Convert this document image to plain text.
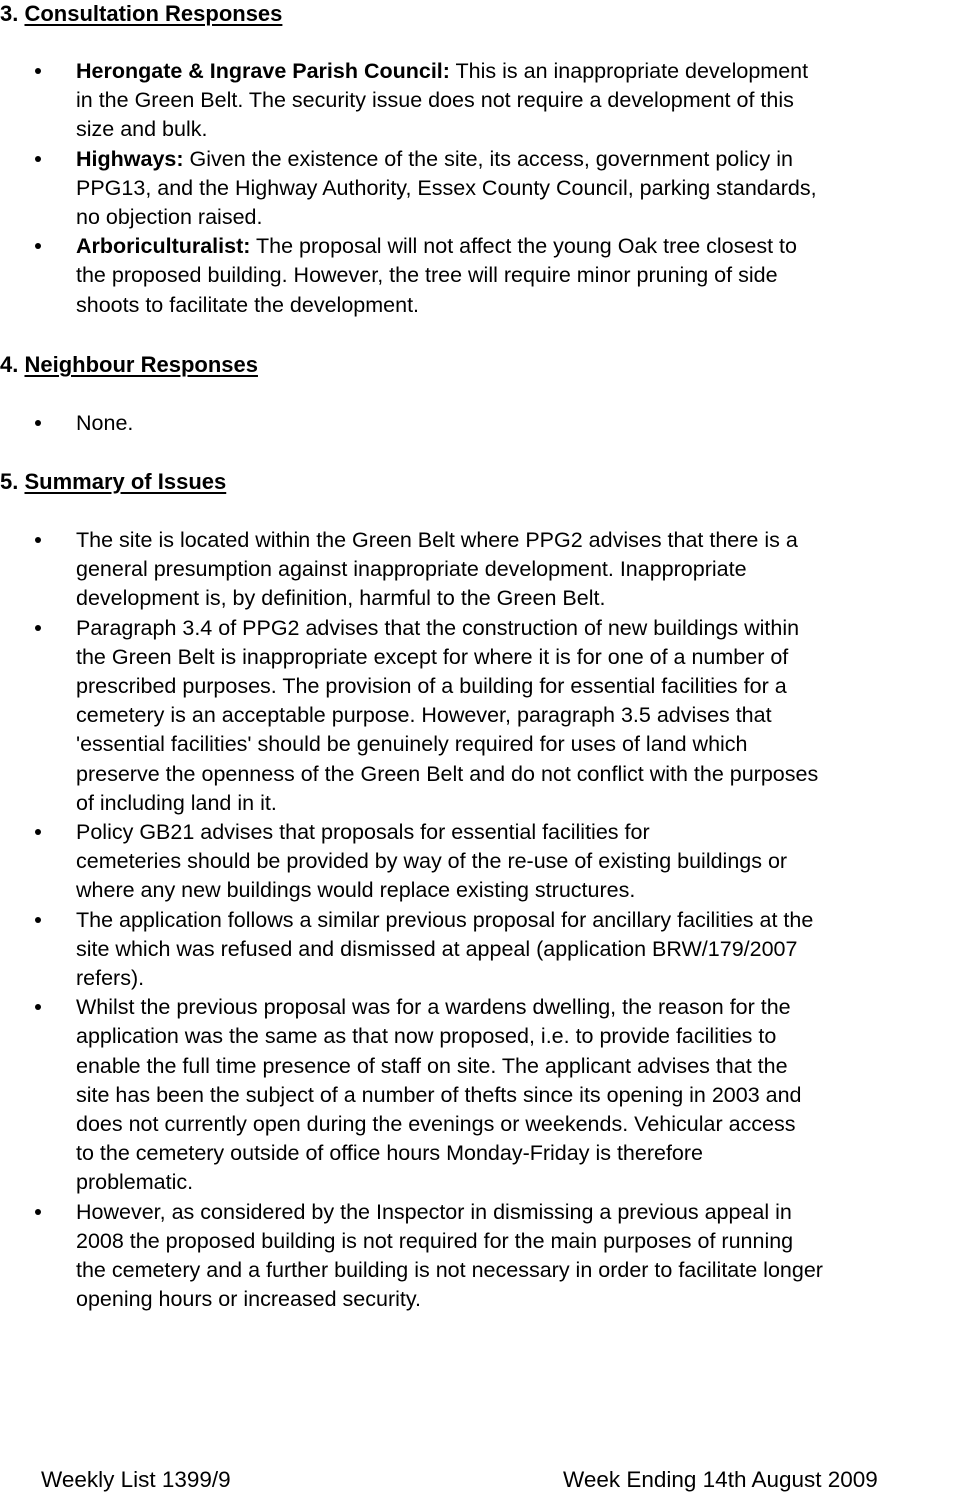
3. Consultation Responses
Herongate & Ingrave Parish Council: This is an inappropriate development
in the Green Belt. The security issue does not require a development of this
size and bulk.
Highways: Given the existence of the site, its access, government policy in
PPG13, and the Highway Authority, Essex County Council, parking standards,
no objection raised.
Arboriculturalist: The proposal will not affect the young Oak tree closest to
the proposed building. However, the tree will require minor pruning of side
shoots to facilitate the development.
4. Neighbour Responses
None.
5. Summary of Issues
The site is located within the Green Belt where PPG2 advises that there is a
general presumption against inappropriate development. Inappropriate
development is, by definition, harmful to the Green Belt.
Paragraph 3.4 of PPG2 advises that the construction of new buildings within
the Green Belt is inappropriate except for where it is for one of a number of
prescribed purposes. The provision of a building for essential facilities for a
cemetery is an acceptable purpose. However, paragraph 3.5 advises that
'essential facilities' should be genuinely required for uses of land which
preserve the openness of the Green Belt and do not conflict with the purposes
of including land in it.
Policy GB21 advises that proposals for essential facilities for
cemeteries should be provided by way of the re-use of existing buildings or
where any new buildings would replace existing structures.
The application follows a similar previous proposal for ancillary facilities at the
site which was refused and dismissed at appeal (application BRW/179/2007
refers).
Whilst the previous proposal was for a wardens dwelling, the reason for the
application was the same as that now proposed, i.e. to provide facilities to
enable the full time presence of staff on site. The applicant advises that the
site has been the subject of a number of thefts since its opening in 2003 and
does not currently open during the evenings or weekends. Vehicular access
to the cemetery outside of office hours Monday-Friday is therefore
problematic.
However, as considered by the Inspector in dismissing a previous appeal in
2008 the proposed building is not required for the main purposes of running
the cemetery and a further building is not necessary in order to facilitate longer
opening hours or increased security.
Weekly List 1399/9	Week Ending 14th August 2009
